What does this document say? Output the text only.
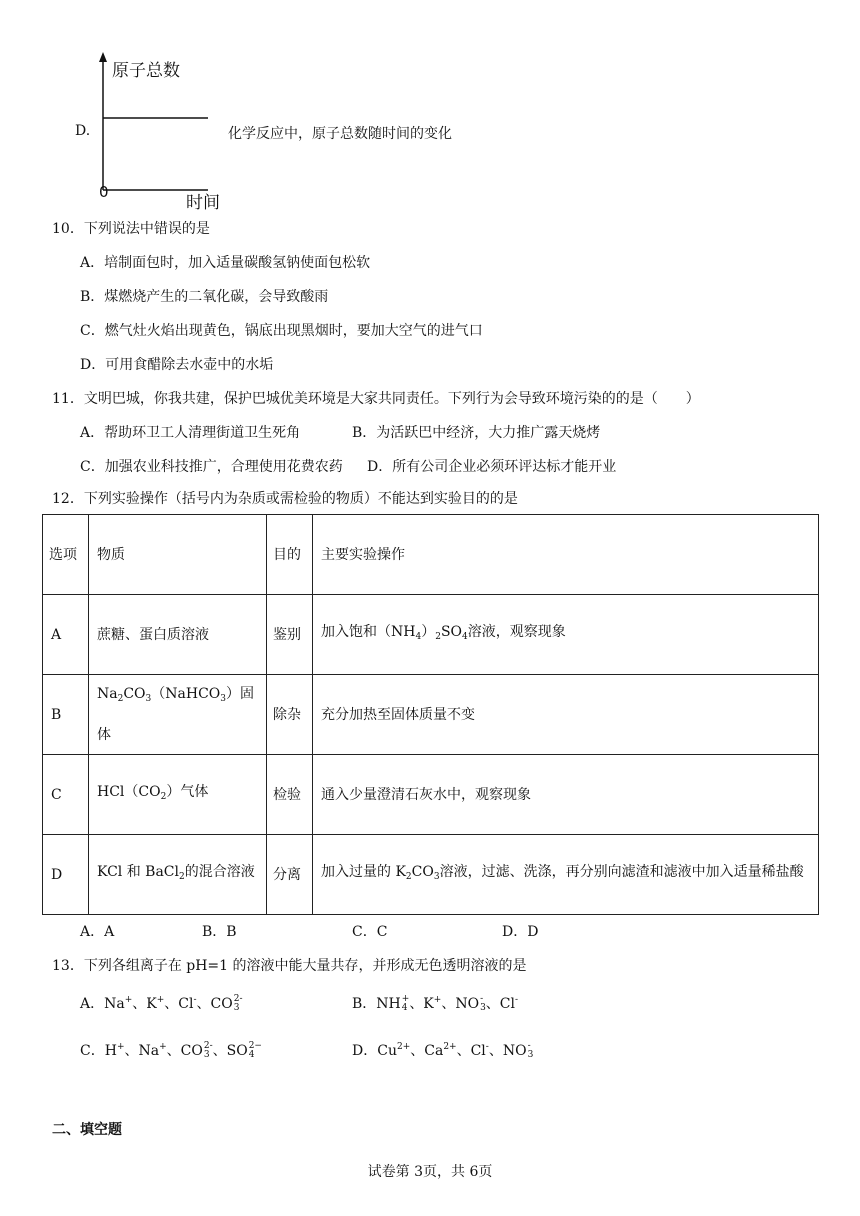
D.
原子总数
0
时间
化学反应中，原子总数随时间的变化
10．下列说法中错误的是
A．培制面包时，加入适量碳酸氢钠使面包松软
B．煤燃烧产生的二氧化碳，会导致酸雨
C．燃气灶火焰出现黄色，锅底出现黑烟时，要加大空气的进气口
D．可用食醋除去水壶中的水垢
11．文明巴城，你我共建，保护巴城优美环境是大家共同责任。下列行为会导致环境污染的的是（　　）
A．帮助环卫工人清理街道卫生死角	B．为活跃巴中经济，大力推广露天烧烤
C．加强农业科技推广，合理使用花费农药 D．所有公司企业必须环评达标才能开业
12．下列实验操作（括号内为杂质或需检验的物质）不能达到实验目的的是
选项	物质	目的	主要实验操作
A	蔗糖、蛋白质溶液	鉴别	加入饱和$(NH_4)_2SO_4$溶液，观察现象
B	$Na_2CO_3(NaHCO_3)$固体	除杂	充分加热至固体质量不变
C	$HCl(CO_2)$气体	检验	通入少量澄清石灰水中，观察现象
D	KCl 和 BaCl$_2$的混合溶液	分离	加入过量的 $K_2CO_3$溶液，过滤、洗涤，再分别向滤渣和滤液中加入适量稀盐酸
A．A	B．B	C．C	D．D
13．下列各组离子在 pH=1 的溶液中能大量共存，并形成无色透明溶液的是
A．Na+、K+、Cl-、CO 2-
3	B．NH +
4 、K+、NO -
3 、Cl-
C．H+、Na+、CO 2-
3 、SO 2−
4	D．$Cu^{2+}$、$Ca^{2+}$、Cl-、NO -
3
二、填空题
试卷第 3页，共 6页
